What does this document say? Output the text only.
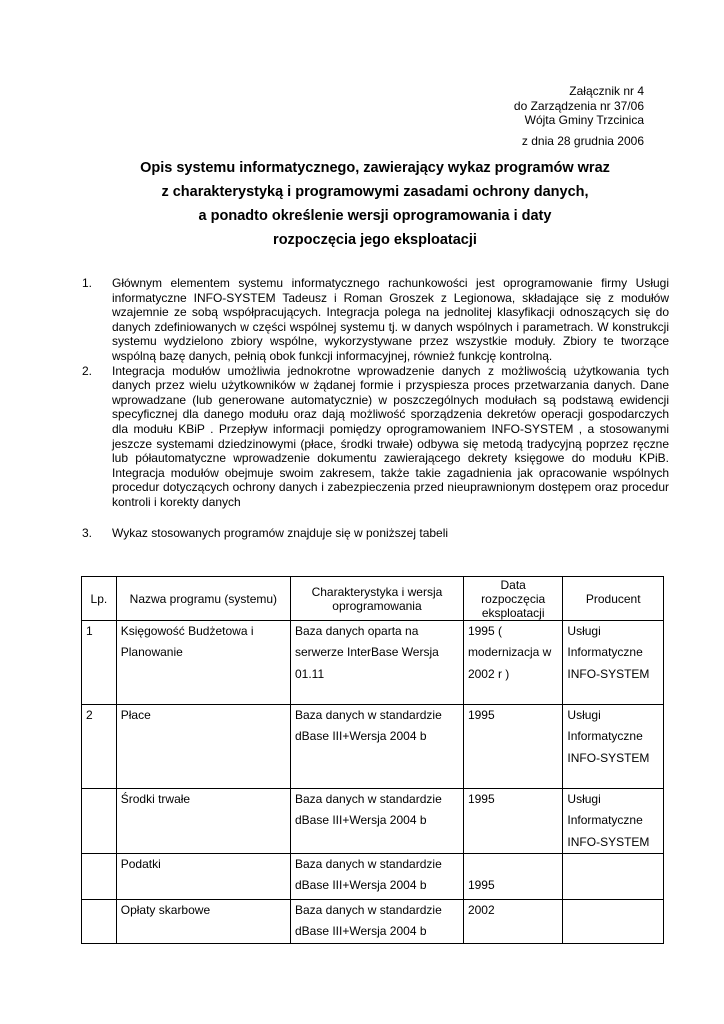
Załącznik nr 4
do Zarządzenia nr 37/06
Wójta Gminy Trzcinica
z dnia 28 grudnia 2006
Opis systemu informatycznego, zawierający wykaz programów wraz
z charakterystyką i programowymi zasadami ochrony danych,
a ponadto określenie wersji oprogramowania i daty
rozpoczęcia jego eksploatacji
1.	Głównym elementem systemu informatycznego rachunkowości jest oprogramowanie firmy Usługi informatyczne INFO-SYSTEM Tadeusz i Roman Groszek z Legionowa, składające się z modułów wzajemnie ze sobą współpracujących. Integracja polega na jednolitej klasyfikacji odnoszących się do danych zdefiniowanych w części wspólnej systemu tj. w danych wspólnych i parametrach. W konstrukcji systemu wydzielono zbiory wspólne, wykorzystywane przez wszystkie moduły. Zbiory te tworzące wspólną bazę danych, pełnią obok funkcji informacyjnej, również funkcję kontrolną.
2.	Integracja modułów umożliwia jednokrotne wprowadzenie danych z możliwością użytkowania tych danych przez wielu użytkowników w żądanej formie i przyspiesza proces przetwarzania danych. Dane wprowadzane (lub generowane automatycznie) w poszczególnych modułach są podstawą ewidencji specyficznej dla danego modułu oraz dają możliwość sporządzenia dekretów operacji gospodarczych dla modułu KBiP . Przepływ informacji pomiędzy oprogramowaniem INFO-SYSTEM , a stosowanymi jeszcze systemami dziedzinowymi (płace, środki trwałe) odbywa się metodą tradycyjną poprzez ręczne lub półautomatyczne wprowadzenie dokumentu zawierającego dekrety księgowe do modułu KPiB. Integracja modułów obejmuje swoim zakresem, także takie zagadnienia jak opracowanie wspólnych procedur dotyczących ochrony danych i zabezpieczenia przed nieuprawnionym dostępem oraz procedur kontroli i korekty danych
3.	Wykaz stosowanych programów znajduje się w poniższej tabeli
Lp.	Nazwa programu (systemu)	Charakterystyka i wersja oprogramowania	Data rozpoczęcia eksploatacji	Producent
1	Księgowość Budżetowa i Planowanie	Baza danych oparta na serwerze InterBase Wersja 01.11	1995 ( modernizacja w 2002 r )	Usługi Informatyczne INFO-SYSTEM
2	Płace	Baza danych w standardzie dBase III+Wersja 2004 b	1995	Usługi Informatyczne INFO-SYSTEM
	Środki trwałe	Baza danych w standardzie dBase III+Wersja 2004 b	1995	Usługi Informatyczne INFO-SYSTEM
	Podatki	Baza danych w standardzie dBase III+Wersja 2004 b	1995	
	Opłaty skarbowe	Baza danych w standardzie dBase III+Wersja 2004 b	2002	
